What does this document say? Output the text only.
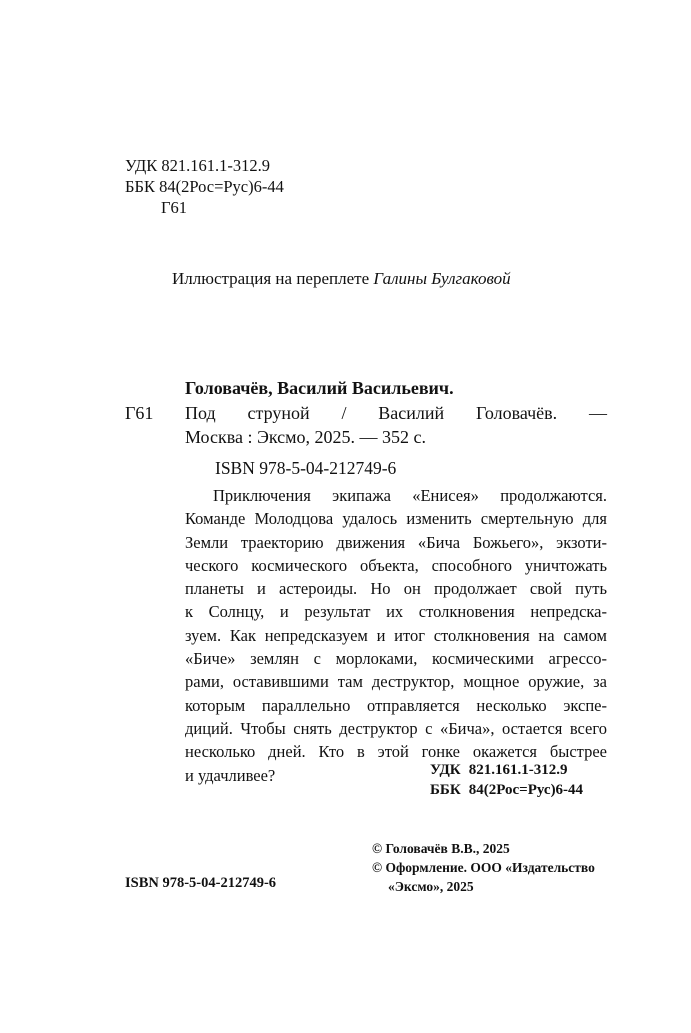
УДК 821.161.1-312.9
ББК 84(2Рос=Рус)6-44
Г61
Иллюстрация на переплете Галины Булгаковой
Головачёв, Василий Васильевич.
Г61 Под струной / Василий Головачёв. —
Москва : Эксмо, 2025. — 352 с.
ISBN 978-5-04-212749-6
Приключения экипажа «Енисея» продолжаются.
Команде Молодцова удалось изменить смертельную для
Земли траекторию движения «Бича Божьего», экзоти-
ческого космического объекта, способного уничтожать
планеты и астероиды. Но он продолжает свой путь
к Солнцу, и результат их столкновения непредска-
зуем. Как непредсказуем и итог столкновения на самом
«Биче» землян с морлоками, космическими агрессо-
рами, оставившими там деструктор, мощное оружие, за
которым параллельно отправляется несколько экспе-
диций. Чтобы снять деструктор с «Бича», остается всего
несколько дней. Кто в этой гонке окажется быстрее
и удачливее?	УДК	821.161.1-312.9
ББК	84(2Рос=Рус)6-44
© Головачёв В.В., 2025
© Оформление. ООО «Издательство
«Эксмо», 2025
ISBN 978-5-04-212749-6
